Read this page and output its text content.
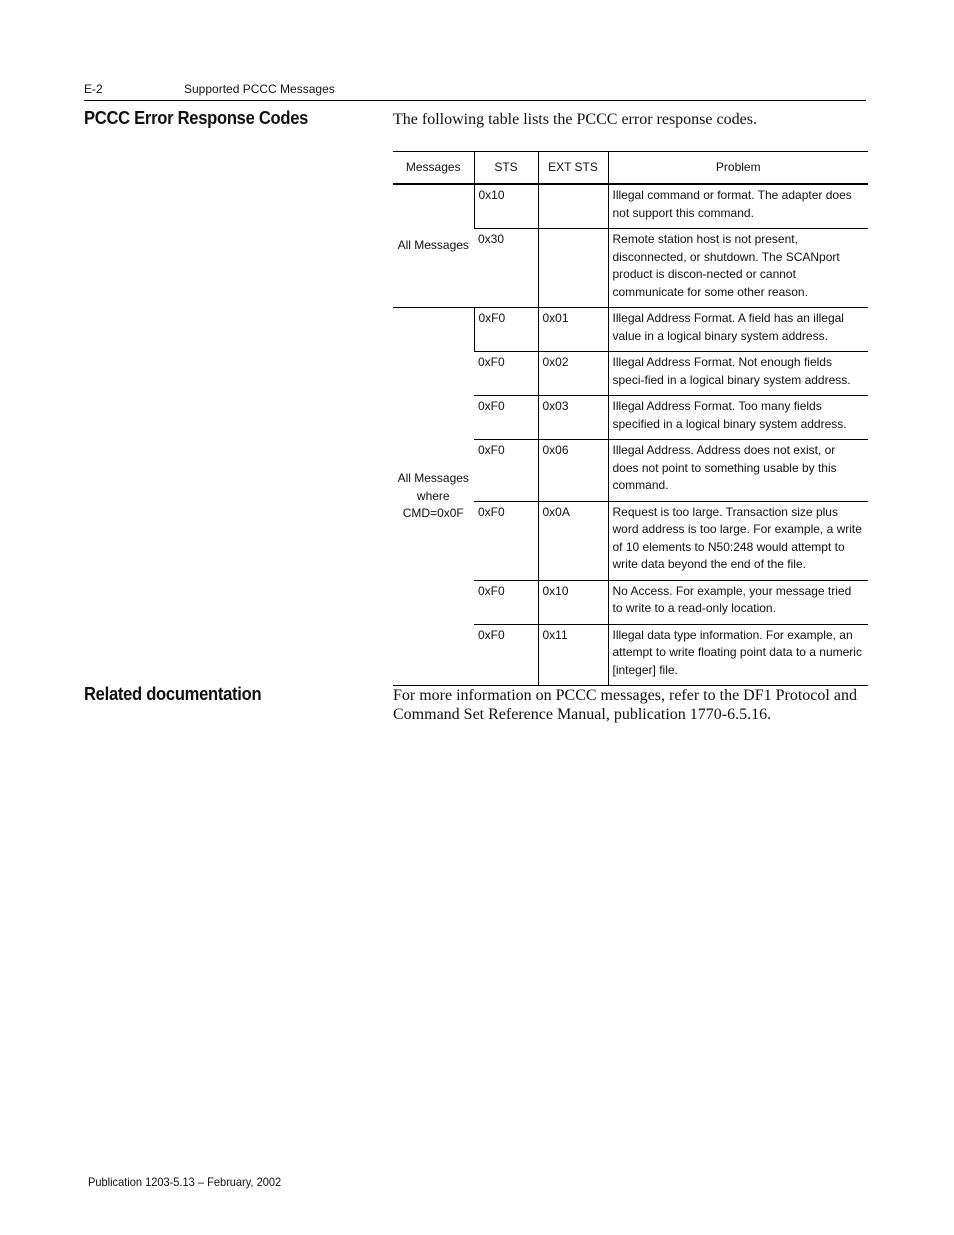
E-2	Supported PCCC Messages
PCCC Error Response Codes	The following table lists the PCCC error response codes.
Messages	STS	EXT STS	Problem
All Messages	0x10		Illegal command or format. The adapter does not support this command.
	0x30		Remote station host is not present, disconnected, or shutdown. The SCANport product is discon-nected or cannot communicate for some other reason.

All Messages
where
CMD=0x0F	0xF0	0x01	Illegal Address Format. A field has an illegal value in a logical binary system address.
	0xF0	0x02	Illegal Address Format. Not enough fields speci-fied in a logical binary system address.
	0xF0	0x03	Illegal Address Format. Too many fields specified in a logical binary system address.
	0xF0	0x06	Illegal Address. Address does not exist, or does not point to something usable by this command.
	0xF0	0x0A	Request is too large. Transaction size plus word address is too large. For example, a write of 10 elements to N50:248 would attempt to write data beyond the end of the file.
	0xF0	0x10	No Access. For example, your message tried to write to a read-only location.
	0xF0	0x11	Illegal data type information. For example, an attempt to write floating point data to a numeric [integer] file.
Related documentation	For more information on PCCC messages, refer to the DF1 Protocol and Command Set Reference Manual, publication 1770-6.5.16.
Publication 1203-5.13 – February, 2002
